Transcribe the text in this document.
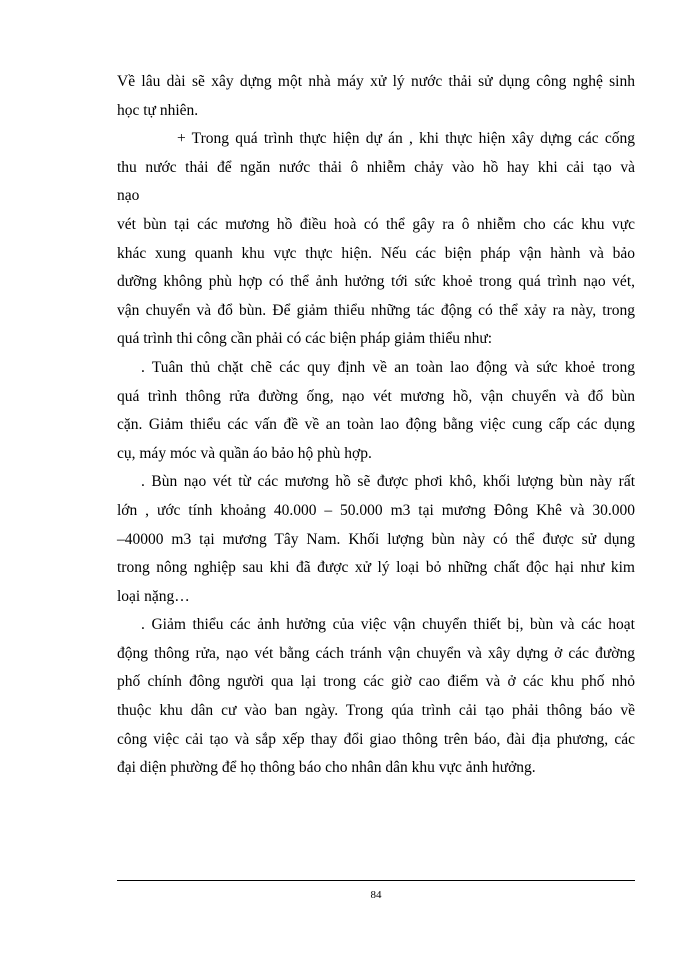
Về lâu dài sẽ xây dựng một nhà máy xử lý nước thải sử dụng công nghệ sinh
học tự nhiên.
+ Trong quá trình thực hiện dự án , khi thực hiện xây dựng các cống
thu nước thải để ngăn nước thải ô nhiễm chảy vào hồ hay khi cải tạo và
nạo
vét bùn tại các mương hồ điều hoà có thể gây ra ô nhiễm cho các khu vực
khác xung quanh khu vực thực hiện. Nếu các biện pháp vận hành và bảo
dưỡng không phù hợp có thể ảnh hưởng tới sức khoẻ trong quá trình nạo vét,
vận chuyển và đổ bùn. Để giảm thiểu những tác động có thể xảy ra này, trong
quá trình thi công cần phải có các biện pháp giảm thiểu như:
. Tuân thủ chặt chẽ các quy định về an toàn lao động và sức khoẻ trong
quá trình thông rửa đường ống, nạo vét mương hồ, vận chuyển và đổ bùn
cặn. Giảm thiểu các vấn đề về an toàn lao động bằng việc cung cấp các dụng
cụ, máy móc và quần áo bảo hộ phù hợp.
. Bùn nạo vét từ các mương hồ sẽ được phơi khô, khối lượng bùn này rất
lớn , ước tính khoảng 40.000 – 50.000 m3 tại mương Đông Khê và 30.000
–40000 m3 tại mương Tây Nam. Khối lượng bùn này có thể được sử dụng
trong nông nghiệp sau khi đã được xử lý loại bỏ những chất độc hại như kim
loại nặng…
. Giảm thiểu các ảnh hưởng của việc vận chuyển thiết bị, bùn và các hoạt
động thông rửa, nạo vét bằng cách tránh vận chuyển và xây dựng ở các đường
phố chính đông người qua lại trong các giờ cao điểm và ở các khu phố nhỏ
thuộc khu dân cư vào ban ngày. Trong qúa trình cải tạo phải thông báo về
công việc cải tạo và sắp xếp thay đổi giao thông trên báo, đài địa phương, các
đại diện phường để họ thông báo cho nhân dân khu vực ảnh hưởng.
84
